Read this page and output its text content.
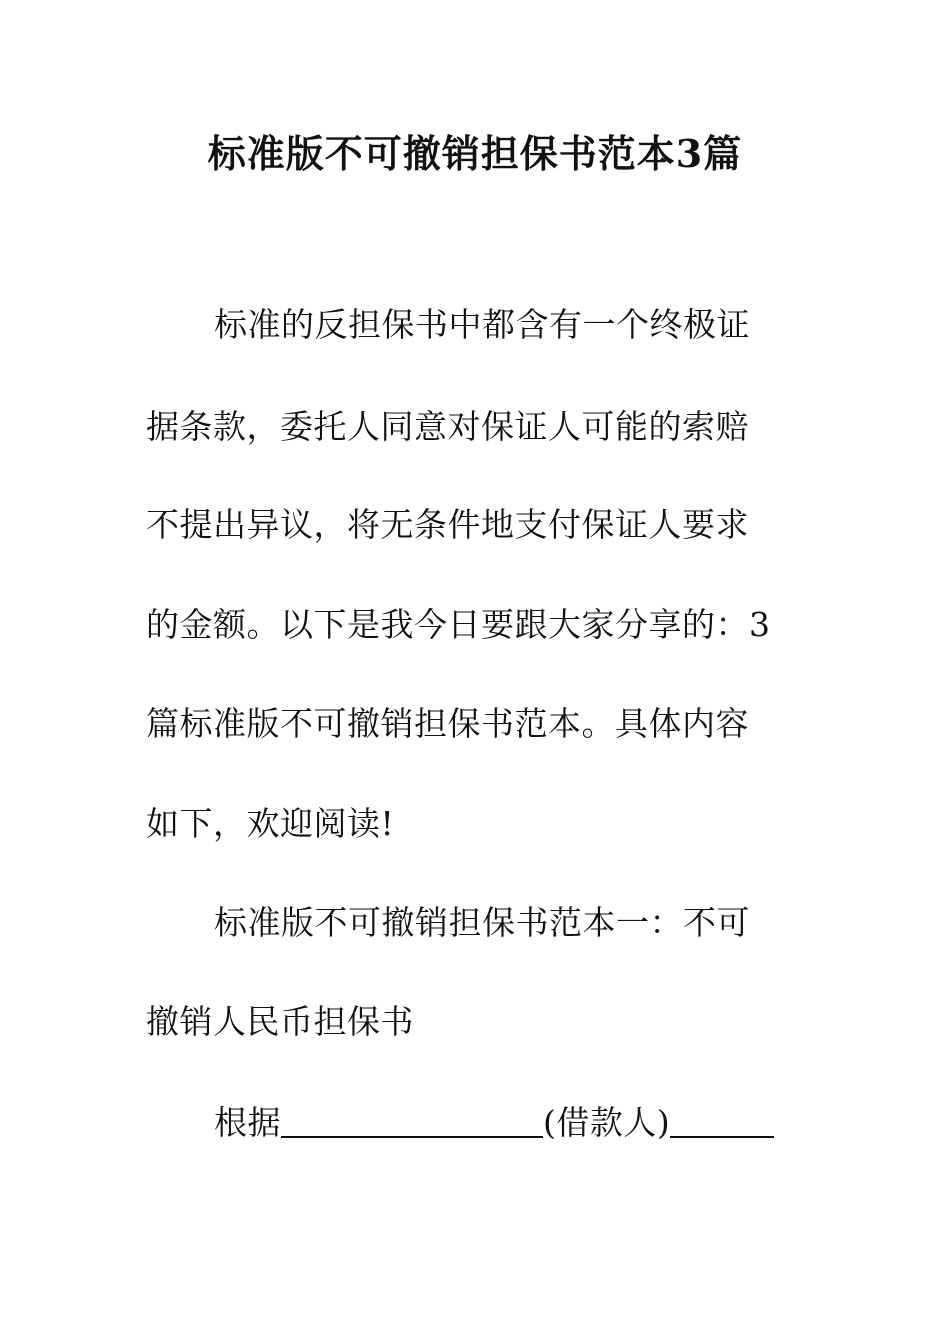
标准版不可撤销担保书范本3篇
标准的反担保书中都含有一个终极证
据条款，委托人同意对保证人可能的索赔
不提出异议，将无条件地支付保证人要求
的金额。以下是我今日要跟大家分享的：3
篇标准版不可撤销担保书范本。具体内容
如下，欢迎阅读!
标准版不可撤销担保书范本一：不可
撤销人民币担保书
根据	(借款人)
